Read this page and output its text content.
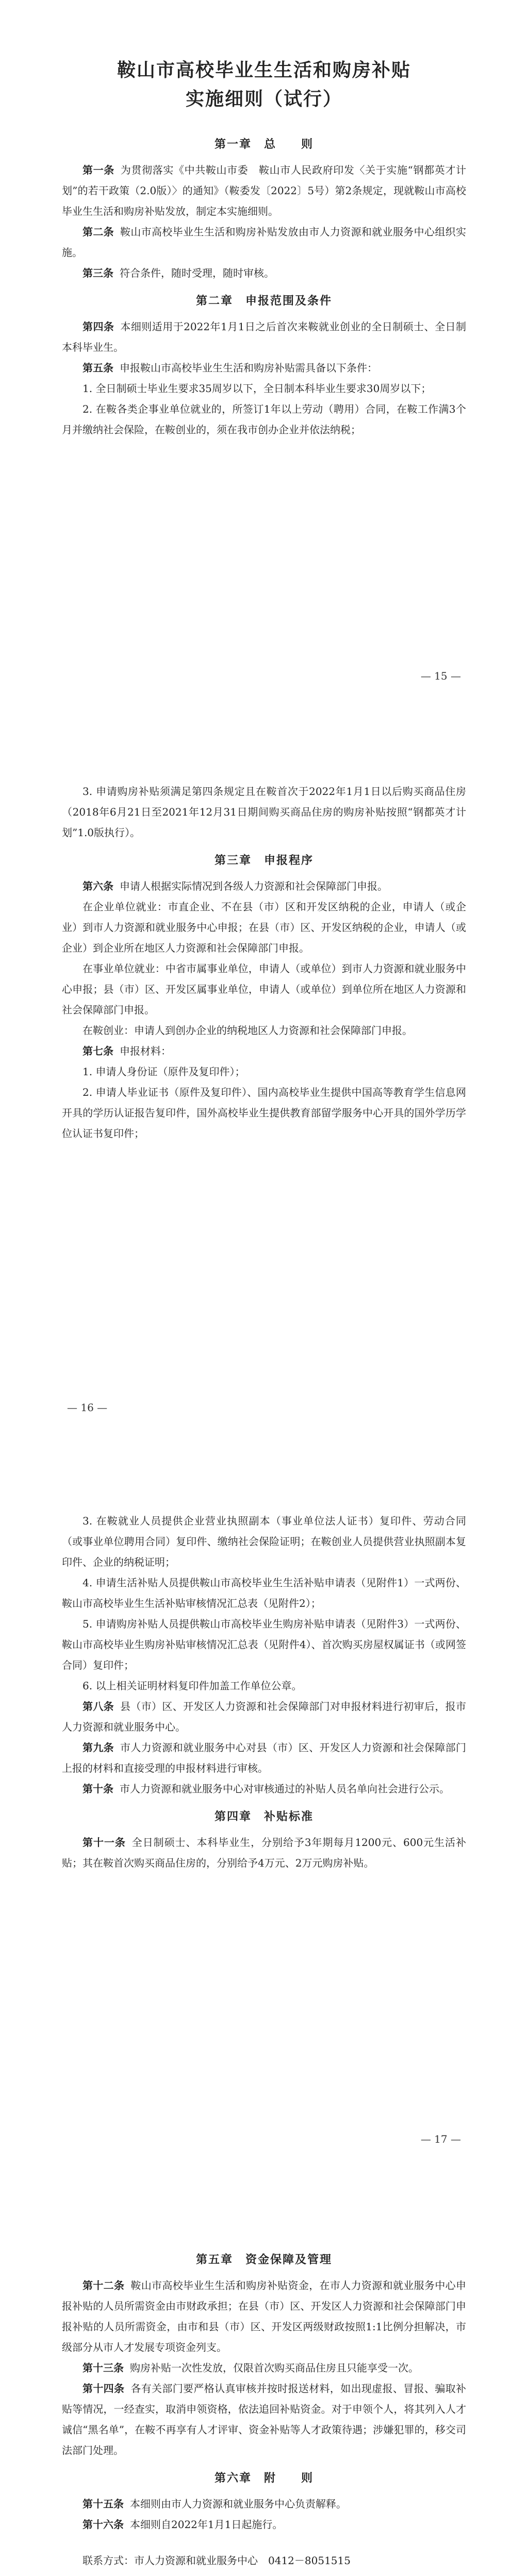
鞍山市高校毕业生生活和购房补贴
实施细则（试行）
第一章　总　　则

第一条 为贯彻落实《中共鞍山市委　鞍山市人民政府印发〈关于实施“钢都英才计划”的若干政策（2.0版）〉的通知》（鞍委发〔2022〕5号）第2条规定，现就鞍山市高校毕业生生活和购房补贴发放，制定本实施细则。

第二条 鞍山市高校毕业生生活和购房补贴发放由市人力资源和就业服务中心组织实施。

第三条 符合条件，随时受理，随时审核。

第二章　申报范围及条件

第四条 本细则适用于2022年1月1日之后首次来鞍就业创业的全日制硕士、全日制本科毕业生。

第五条 申报鞍山市高校毕业生生活和购房补贴需具备以下条件：

1. 全日制硕士毕业生要求35周岁以下，全日制本科毕业生要求30周岁以下；

2. 在鞍各类企事业单位就业的，所签订1年以上劳动（聘用）合同，在鞍工作满3个月并缴纳社会保险，在鞍创业的，须在我市创办企业并依法纳税；

— 15 —

3. 申请购房补贴须满足第四条规定且在鞍首次于2022年1月1日以后购买商品住房（2018年6月21日至2021年12月31日期间购买商品住房的购房补贴按照“钢都英才计划”1.0版执行）。

第三章　申报程序

第六条 申请人根据实际情况到各级人力资源和社会保障部门申报。

在企业单位就业：市直企业、不在县（市）区和开发区纳税的企业，申请人（或企业）到市人力资源和就业服务中心申报；在县（市）区、开发区纳税的企业，申请人（或企业）到企业所在地区人力资源和社会保障部门申报。

在事业单位就业：中省市属事业单位，申请人（或单位）到市人力资源和就业服务中心申报；县（市）区、开发区属事业单位，申请人（或单位）到单位所在地区人力资源和社会保障部门申报。

在鞍创业：申请人到创办企业的纳税地区人力资源和社会保障部门申报。

第七条 申报材料：

1. 申请人身份证（原件及复印件）；

2. 申请人毕业证书（原件及复印件）、国内高校毕业生提供中国高等教育学生信息网开具的学历认证报告复印件，国外高校毕业生提供教育部留学服务中心开具的国外学历学位认证书复印件；

— 16 —

3. 在鞍就业人员提供企业营业执照副本（事业单位法人证书）复印件、劳动合同（或事业单位聘用合同）复印件、缴纳社会保险证明；在鞍创业人员提供营业执照副本复印件、企业的纳税证明；

4. 申请生活补贴人员提供鞍山市高校毕业生生活补贴申请表（见附件1）一式两份、鞍山市高校毕业生生活补贴审核情况汇总表（见附件2）；

5. 申请购房补贴人员提供鞍山市高校毕业生购房补贴申请表（见附件3）一式两份、鞍山市高校毕业生购房补贴审核情况汇总表（见附件4）、首次购买房屋权属证书（或网签合同）复印件；

6. 以上相关证明材料复印件加盖工作单位公章。

第八条 县（市）区、开发区人力资源和社会保障部门对申报材料进行初审后，报市人力资源和就业服务中心。

第九条 市人力资源和就业服务中心对县（市）区、开发区人力资源和社会保障部门上报的材料和直接受理的申报材料进行审核。

第十条 市人力资源和就业服务中心对审核通过的补贴人员名单向社会进行公示。

第四章　补贴标准

第十一条 全日制硕士、本科毕业生，分别给予3年期每月1200元、600元生活补贴；其在鞍首次购买商品住房的，分别给予4万元、2万元购房补贴。

— 17 —
第五章　资金保障及管理

第十二条 鞍山市高校毕业生生活和购房补贴资金，在市人力资源和就业服务中心申报补贴的人员所需资金由市财政承担；在县（市）区、开发区人力资源和社会保障部门申报补贴的人员所需资金，由市和县（市）区、开发区两级财政按照1:1比例分担解决，市级部分从市人才发展专项资金列支。

第十三条 购房补贴一次性发放，仅限首次购买商品住房且只能享受一次。

第十四条 各有关部门要严格认真审核并按时报送材料，如出现虚报、冒报、骗取补贴等情况，一经查实，取消申领资格，依法追回补贴资金。对于申领个人，将其列入人才诚信“黑名单”，在鞍不再享有人才评审、资金补贴等人才政策待遇；涉嫌犯罪的，移交司法部门处理。

第六章　附　　则

第十五条 本细则由市人力资源和就业服务中心负责解释。

第十六条 本细则自2022年1月1日起施行。

联系方式：市人力资源和就业服务中心　0412－8051515
